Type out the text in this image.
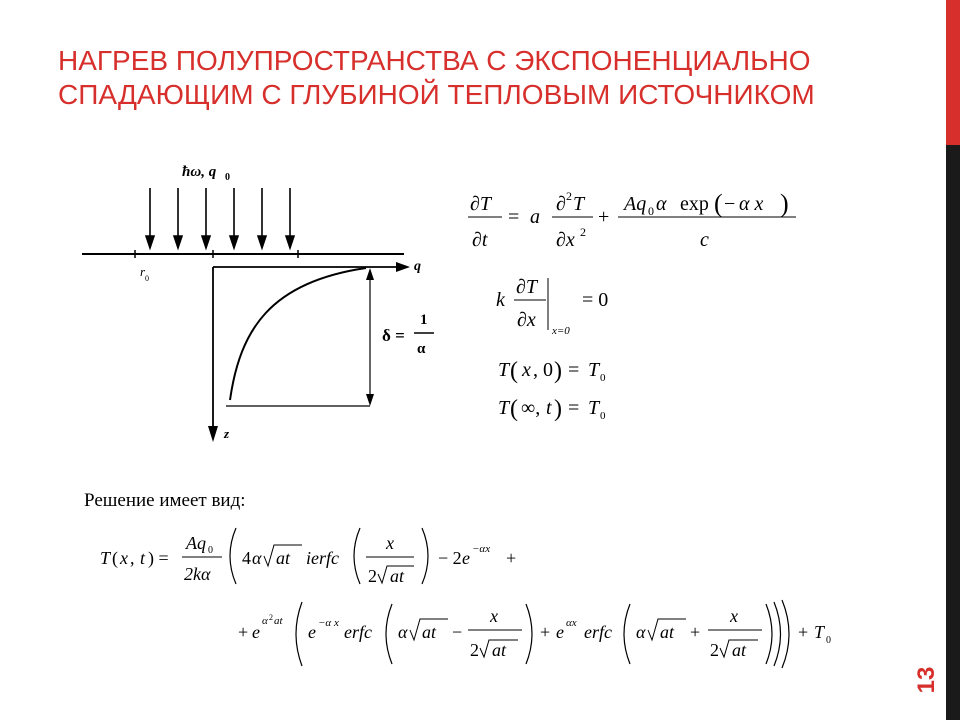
НАГРЕВ ПОЛУПРОСТРАНСТВА С ЭКСПОНЕНЦИАЛЬНО
СПАДАЮЩИМ С ГЛУБИНОЙ ТЕПЛОВЫМ ИСТОЧНИКОМ
13
ħω, q 0
r 0
q
z
δ =
1
α
∂T
∂t
= a
∂ 2 T
∂x 2
+
Aq 0 α exp ( − α x )
c
k
∂T
∂x x=0
= 0
T ( x , 0 ) = T 0
T ( ∞, t ) = T 0
T ( x , t ) =
Aq 0
2kα
4 α at ierfc
x
2 at
− 2 e −αx +
+ e
α 2 at
e −α x erfc α at −
x
2 at
+ e αx erfc α at +
x
2 at
+ T 0
Решение имеет вид:
